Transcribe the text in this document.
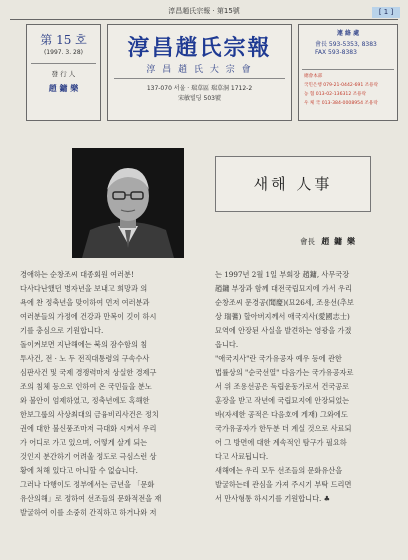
淳昌趙氏宗報 · 第15號	[ 1 ]
第 15 호
(1997. 3. 28)
發 行 人
趙 鏞 樂
淳昌趙氏宗報
淳 昌 趙 氏 大 宗 會
137-070 서울 · 瑞草區 瑞草洞 1712-2
宋敏빌딩 503號
連 絡 處
會長 593-5353, 8383
FAX 593-8383
總會本部
국민은행 079-21-0442-691 조용락
농 협 013-02-136312 조용락
우 체 국 013-384-0008954 조용락
새해 人事
會長 趙 鏞 樂

경애하는 순창조씨 대종회원 여러분!

다사다난했던 병자년을 보내고 희망과 의

욕에 찬 정축년을 맞이하여 먼저 여러분과

여러분들의 가정에 건강과 만복이 깃이 하시

기를 충심으로 기원합니다.

돌이켜보면 지난해에는 북의 잠수함의 침

투사건, 전 · 노 두 전직대통령의 구속수사

심판사건 및 국제 경쟁력마저 상실한 경제구

조의 침체 등으로 인하여 온 국민들을 분노

와 불안이 엄제하였고, 정축년에도 혹해한

한보그룹의 사상최대의 금융비리사건은 정치

권에 대한 불신풍조마저 극대화 시켜서 우리

가 어디로 가고 있으며, 어떻게 살게 되는

것인지 분간하기 어려울 정도로 극심스런 상

황에 처해 있다고 아니할 수 없습니다.

그러나 다행이도 정부에서는 금년을 「문화

유산의해」로 정하여 선조들의 문화적전을 재

발굴하여 이를 소중히 간직하고 하거나와 저

는 1997년 2월 1일 부회장 趙鏞, 사무국장

趙鏞 부장과 함께 대전국립묘지에 가서 우리

순창조씨 문경공(聞慶)(묘26세, 조용선(추보

상 瑞蓍) 할아버지께서 애국지사(愛國志士)

묘역에 안장된 사실을 발견하는 영광을 가졌

읍니다.

"애국지사"란 국가유공자 예우 등에 관한

법률상의 "순국선열" 다음가는 국가유공자로

서 위 조용선공은 독립운동가로서 건국공로

훈장을 받고 작년에 국립묘지에 안장되었는

바(자세한 공적은 다음호에 게재) 그와에도

국가유공자가 한두분 더 계실 것으로 사료되

어 그 방면에 대한 계속적인 탐구가 필요하

다고 사료됩니다.

새해에는 우리 모두 선조들의 문화유산을

발굴하는데 관심을 가져 주시기 부탁 드리면

서 만사형통 하시기를 기원합니다. ♣
